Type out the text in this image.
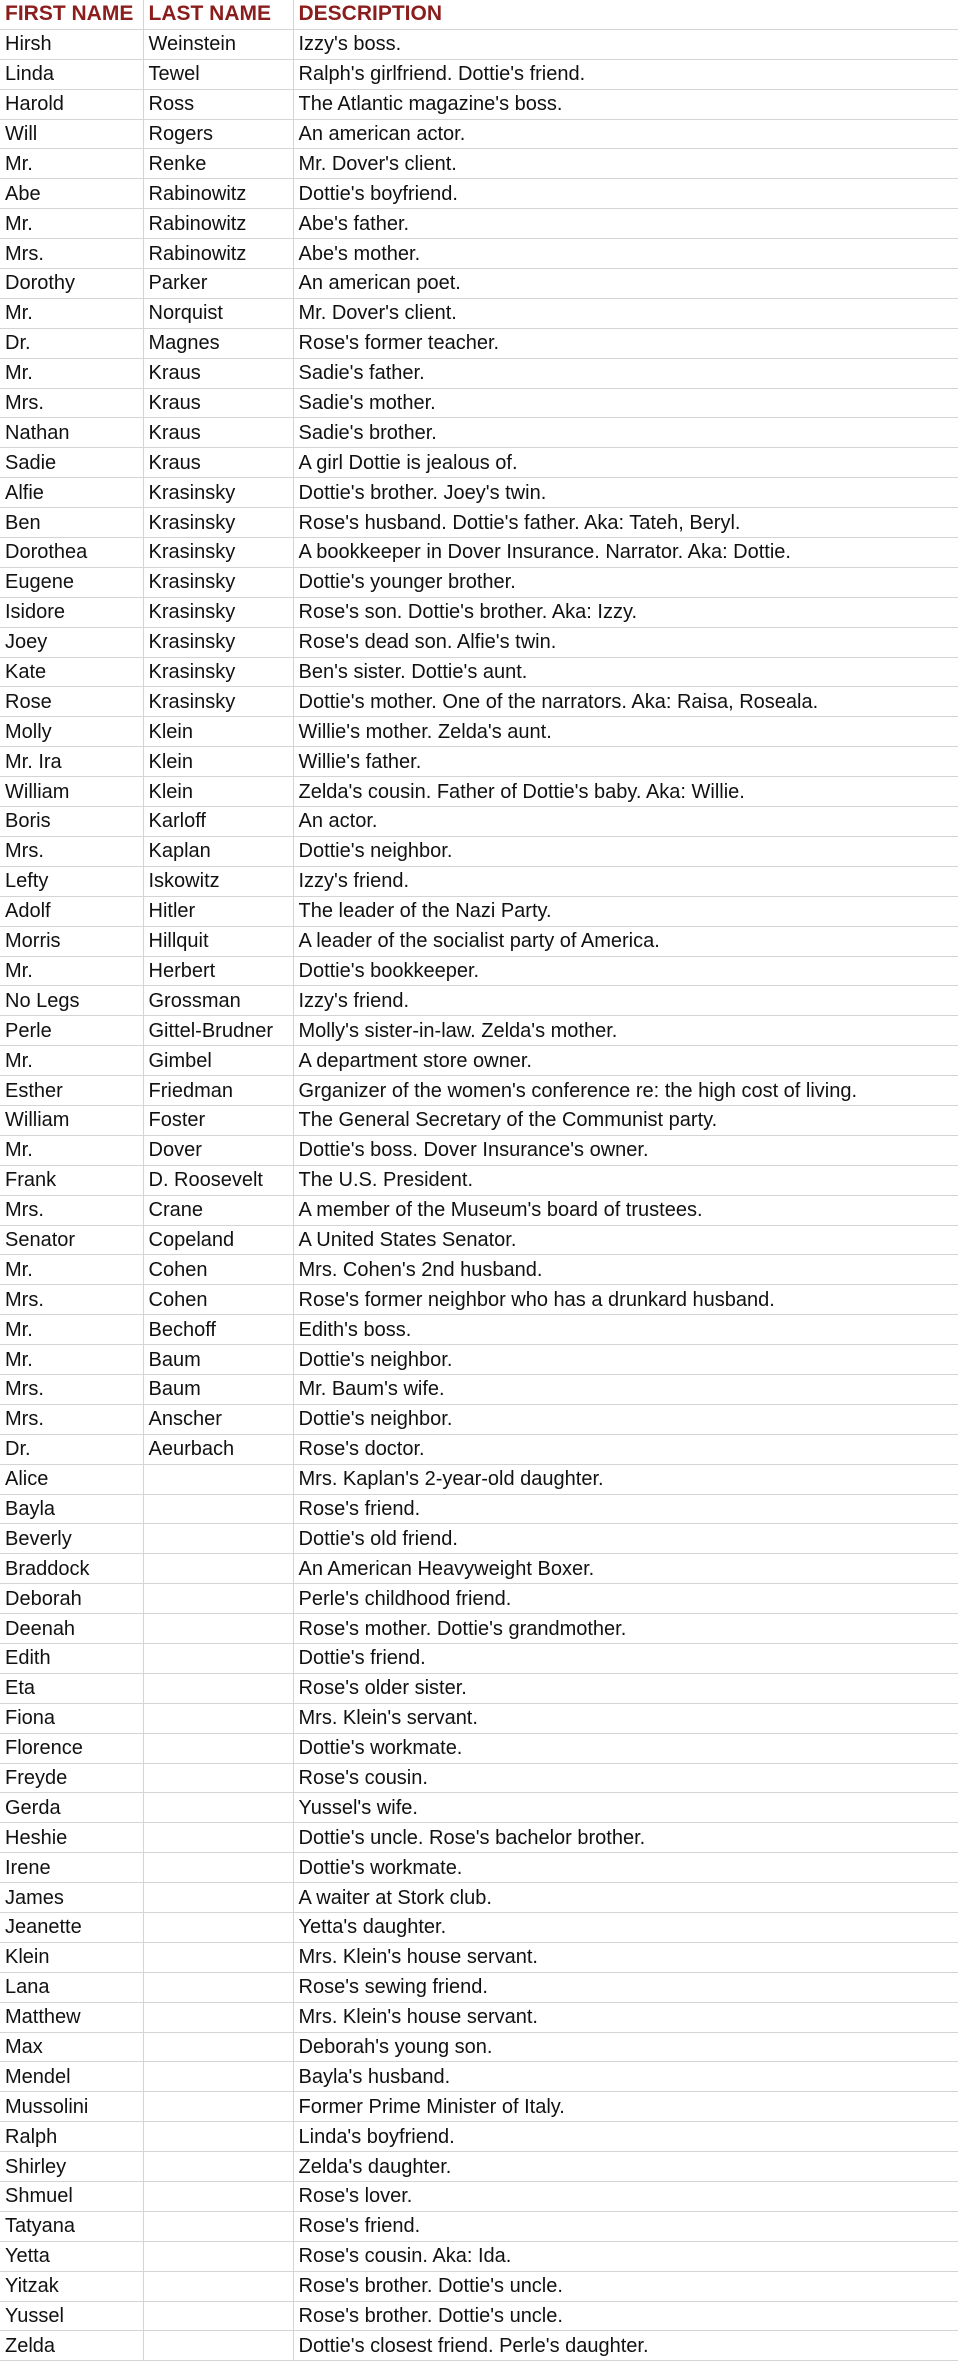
FIRST NAME	LAST NAME	DESCRIPTION
Hirsh	Weinstein	Izzy's boss.
Linda	Tewel	Ralph's girlfriend. Dottie's friend.
Harold	Ross	The Atlantic magazine's boss.
Will	Rogers	An american actor.
Mr.	Renke	Mr. Dover's client.
Abe	Rabinowitz	Dottie's boyfriend.
Mr.	Rabinowitz	Abe's father.
Mrs.	Rabinowitz	Abe's mother.
Dorothy	Parker	An american poet.
Mr.	Norquist	Mr. Dover's client.
Dr.	Magnes	Rose's former teacher.
Mr.	Kraus	Sadie's father.
Mrs.	Kraus	Sadie's mother.
Nathan	Kraus	Sadie's brother.
Sadie	Kraus	A girl Dottie is jealous of.
Alfie	Krasinsky	Dottie's brother. Joey's twin.
Ben	Krasinsky	Rose's husband. Dottie's father. Aka: Tateh, Beryl.
Dorothea	Krasinsky	A bookkeeper in Dover Insurance. Narrator. Aka: Dottie.
Eugene	Krasinsky	Dottie's younger brother.
Isidore	Krasinsky	Rose's son. Dottie's brother. Aka: Izzy.
Joey	Krasinsky	Rose's dead son. Alfie's twin.
Kate	Krasinsky	Ben's sister. Dottie's aunt.
Rose	Krasinsky	Dottie's mother. One of the narrators. Aka: Raisa, Roseala.
Molly	Klein	Willie's mother. Zelda's aunt.
Mr. Ira	Klein	Willie's father.
William	Klein	Zelda's cousin. Father of Dottie's baby. Aka: Willie.
Boris	Karloff	An actor.
Mrs.	Kaplan	Dottie's neighbor.
Lefty	Iskowitz	Izzy's friend.
Adolf	Hitler	The leader of the Nazi Party.
Morris	Hillquit	A leader of the socialist party of America.
Mr.	Herbert	Dottie's bookkeeper.
No Legs	Grossman	Izzy's friend.
Perle	Gittel-Brudner	Molly's sister-in-law. Zelda's mother.
Mr.	Gimbel	A department store owner.
Esther	Friedman	Grganizer of the women's conference re: the high cost of living.
William	Foster	The General Secretary of the Communist party.
Mr.	Dover	Dottie's boss. Dover Insurance's owner.
Frank	D. Roosevelt	The U.S. President.
Mrs.	Crane	A member of the Museum's board of trustees.
Senator	Copeland	A United States Senator.
Mr.	Cohen	Mrs. Cohen's 2nd husband.
Mrs.	Cohen	Rose's former neighbor who has a drunkard husband.
Mr.	Bechoff	Edith's boss.
Mr.	Baum	Dottie's neighbor.
Mrs.	Baum	Mr. Baum's wife.
Mrs.	Anscher	Dottie's neighbor.
Dr.	Aeurbach	Rose's doctor.
Alice		Mrs. Kaplan's 2-year-old daughter.
Bayla		Rose's friend.
Beverly		Dottie's old friend.
Braddock		An American Heavyweight Boxer.
Deborah		Perle's childhood friend.
Deenah		Rose's mother. Dottie's grandmother.
Edith		Dottie's friend.
Eta		Rose's older sister.
Fiona		Mrs. Klein's servant.
Florence		Dottie's workmate.
Freyde		Rose's cousin.
Gerda		Yussel's wife.
Heshie		Dottie's uncle. Rose's bachelor brother.
Irene		Dottie's workmate.
James		A waiter at Stork club.
Jeanette		Yetta's daughter.
Klein		Mrs. Klein's house servant.
Lana		Rose's sewing friend.
Matthew		Mrs. Klein's house servant.
Max		Deborah's young son.
Mendel		Bayla's husband.
Mussolini		Former Prime Minister of Italy.
Ralph		Linda's boyfriend.
Shirley		Zelda's daughter.
Shmuel		Rose's lover.
Tatyana		Rose's friend.
Yetta		Rose's cousin. Aka: Ida.
Yitzak		Rose's brother. Dottie's uncle.
Yussel		Rose's brother. Dottie's uncle.
Zelda		Dottie's closest friend. Perle's daughter.
